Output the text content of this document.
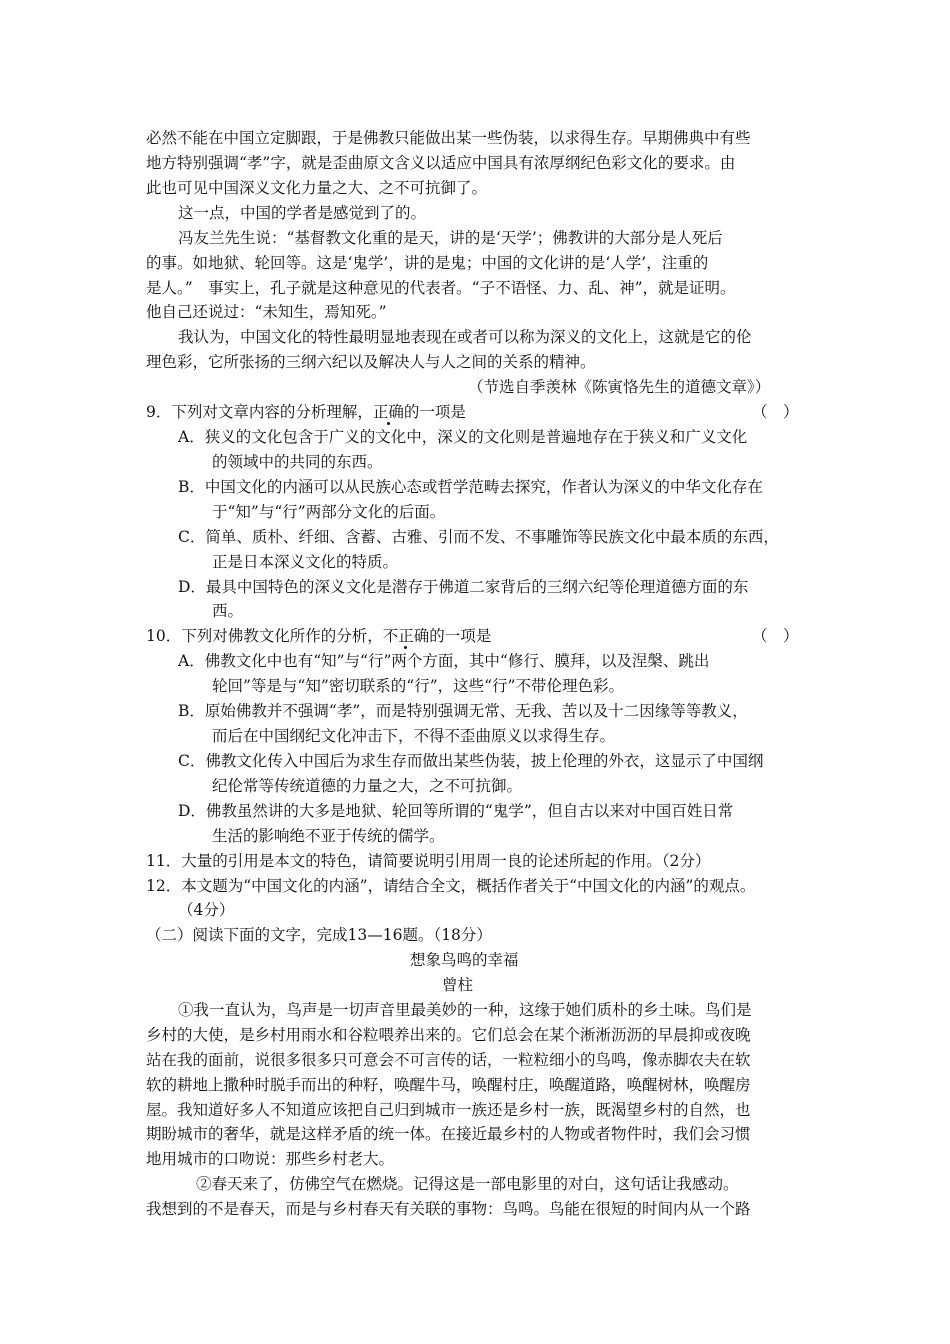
必然不能在中国立定脚跟，于是佛教只能做出某一些伪装，以求得生存。早期佛典中有些
地方特别强调“孝”字，就是歪曲原文含义以适应中国具有浓厚纲纪色彩文化的要求。由
此也可见中国深义文化力量之大、之不可抗御了。
这一点，中国的学者是感觉到了的。
冯友兰先生说：“基督教文化重的是天，讲的是‘天学’；佛教讲的大部分是人死后
的事。如地狱、轮回等。这是‘鬼学’，讲的是鬼；中国的文化讲的是‘人学’，注重的
是人。”　事实上，孔子就是这种意见的代表者。“子不语怪、力、乱、神”，就是证明。
他自己还说过：“未知生，焉知死。”
我认为，中国文化的特性最明显地表现在或者可以称为深义的文化上，这就是它的伦
理色彩，它所张扬的三纲六纪以及解决人与人之间的关系的精神。
（节选自季羡林《陈寅恪先生的道德文章》）
9．下列对文章内容的分析理解，正确的一项是	（　）
A．狭义的文化包含于广义的文化中，深义的文化则是普遍地存在于狭义和广义文化
的领域中的共同的东西。
B．中国文化的内涵可以从民族心态或哲学范畴去探究，作者认为深义的中华文化存在
于“知”与“行”两部分文化的后面。
C．简单、质朴、纤细、含蓄、古雅、引而不发、不事雕饰等民族文化中最本质的东西，
正是日本深义文化的特质。
D．最具中国特色的深义文化是潜存于佛道二家背后的三纲六纪等伦理道德方面的东
西。
10．下列对佛教文化所作的分析，不正确的一项是	（　）
A．佛教文化中也有“知”与“行”两个方面，其中“修行、膜拜，以及涅槃、跳出
轮回”等是与“知”密切联系的“行”，这些“行”不带伦理色彩。
B．原始佛教并不强调“孝”，而是特别强调无常、无我、苦以及十二因缘等等教义，
而后在中国纲纪文化冲击下，不得不歪曲原义以求得生存。
C．佛教文化传入中国后为求生存而做出某些伪装，披上伦理的外衣，这显示了中国纲
纪伦常等传统道德的力量之大，之不可抗御。
D．佛教虽然讲的大多是地狱、轮回等所谓的“鬼学”，但自古以来对中国百姓日常
生活的影响绝不亚于传统的儒学。
11．大量的引用是本文的特色，请简要说明引用周一良的论述所起的作用。（2分）
12．本文题为“中国文化的内涵”，请结合全文，概括作者关于“中国文化的内涵”的观点。
（4分）
（二）阅读下面的文字，完成13—16题。（18分）
想象鸟鸣的幸福
曾柱
①我一直认为，鸟声是一切声音里最美妙的一种，这缘于她们质朴的乡土味。鸟们是
乡村的大使，是乡村用雨水和谷粒喂养出来的。它们总会在某个淅淅沥沥的早晨抑或夜晚
站在我的面前，说很多很多只可意会不可言传的话，一粒粒细小的鸟鸣，像赤脚农夫在软
软的耕地上撒种时脱手而出的种籽，唤醒牛马，唤醒村庄，唤醒道路，唤醒树林，唤醒房
屋。我知道好多人不知道应该把自己归到城市一族还是乡村一族，既渴望乡村的自然，也
期盼城市的奢华，就是这样矛盾的统一体。在接近最乡村的人物或者物件时，我们会习惯
地用城市的口吻说：那些乡村老大。
②春天来了，仿佛空气在燃烧。记得这是一部电影里的对白，这句话让我感动。
我想到的不是春天，而是与乡村春天有关联的事物：鸟鸣。鸟能在很短的时间内从一个路
